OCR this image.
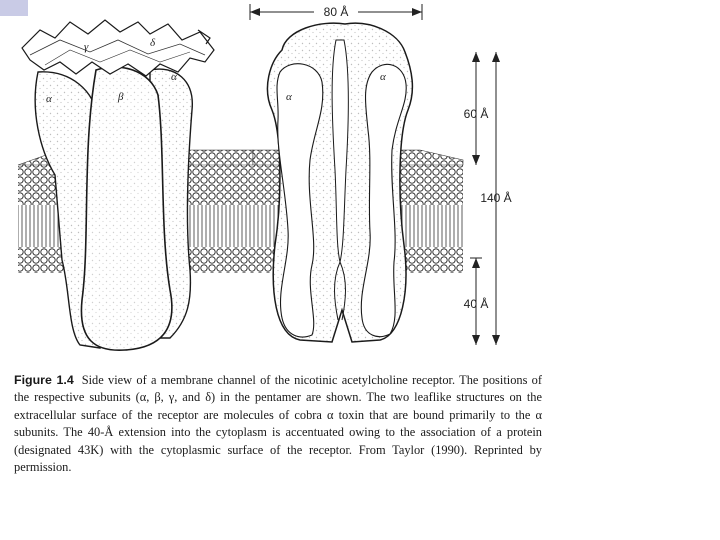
γ	δ
α	β
α
α
α
80 Å
60 Å
140 Å
40 Å
Figure 1.4 Side view of a membrane channel of the nicotinic acetylcholine receptor. The positions of the respective subunits (α, β, γ, and δ) in the pentamer are shown. The two leaflike structures on the extracellular surface of the receptor are molecules of cobra α toxin that are bound primarily to the α subunits. The 40-Å extension into the cytoplasm is accentuated owing to the association of a protein (designated 43K) with the cytoplasmic surface of the receptor. From Taylor (1990). Reprinted by permission.
